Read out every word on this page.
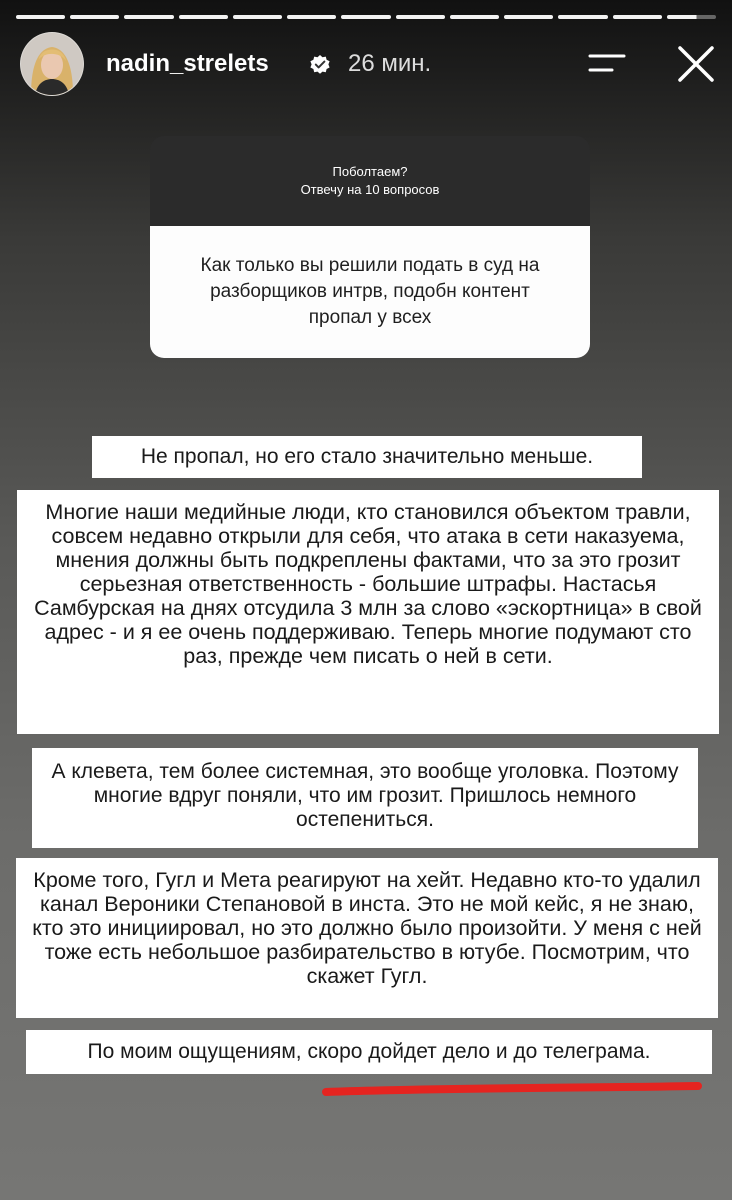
nadin_strelets	26 мин.
Поболтаем?
Отвечу на 10 вопросов
Как только вы решили подать в суд на разборщиков интрв, подобн контент пропал у всех
Не пропал, но его стало значительно меньше.
Многие наши медийные люди, кто становился объектом травли, совсем недавно открыли для себя, что атака в сети наказуема, мнения должны быть подкреплены фактами, что за это грозит серьезная ответственность - большие штрафы. Настасья Самбурская на днях отсудила 3 млн за слово «эскортница» в свой адрес - и я ее очень поддерживаю. Теперь многие подумают сто раз, прежде чем писать о ней в сети.
А клевета, тем более системная, это вообще уголовка. Поэтому многие вдруг поняли, что им грозит. Пришлось немного остепениться.
Кроме того, Гугл и Мета реагируют на хейт. Недавно кто-то удалил канал Вероники Степановой в инста. Это не мой кейс, я не знаю, кто это инициировал, но это должно было произойти. У меня с ней тоже есть небольшое разбирательство в ютубе. Посмотрим, что скажет Гугл.
По моим ощущениям, скоро дойдет дело и до телеграма.
